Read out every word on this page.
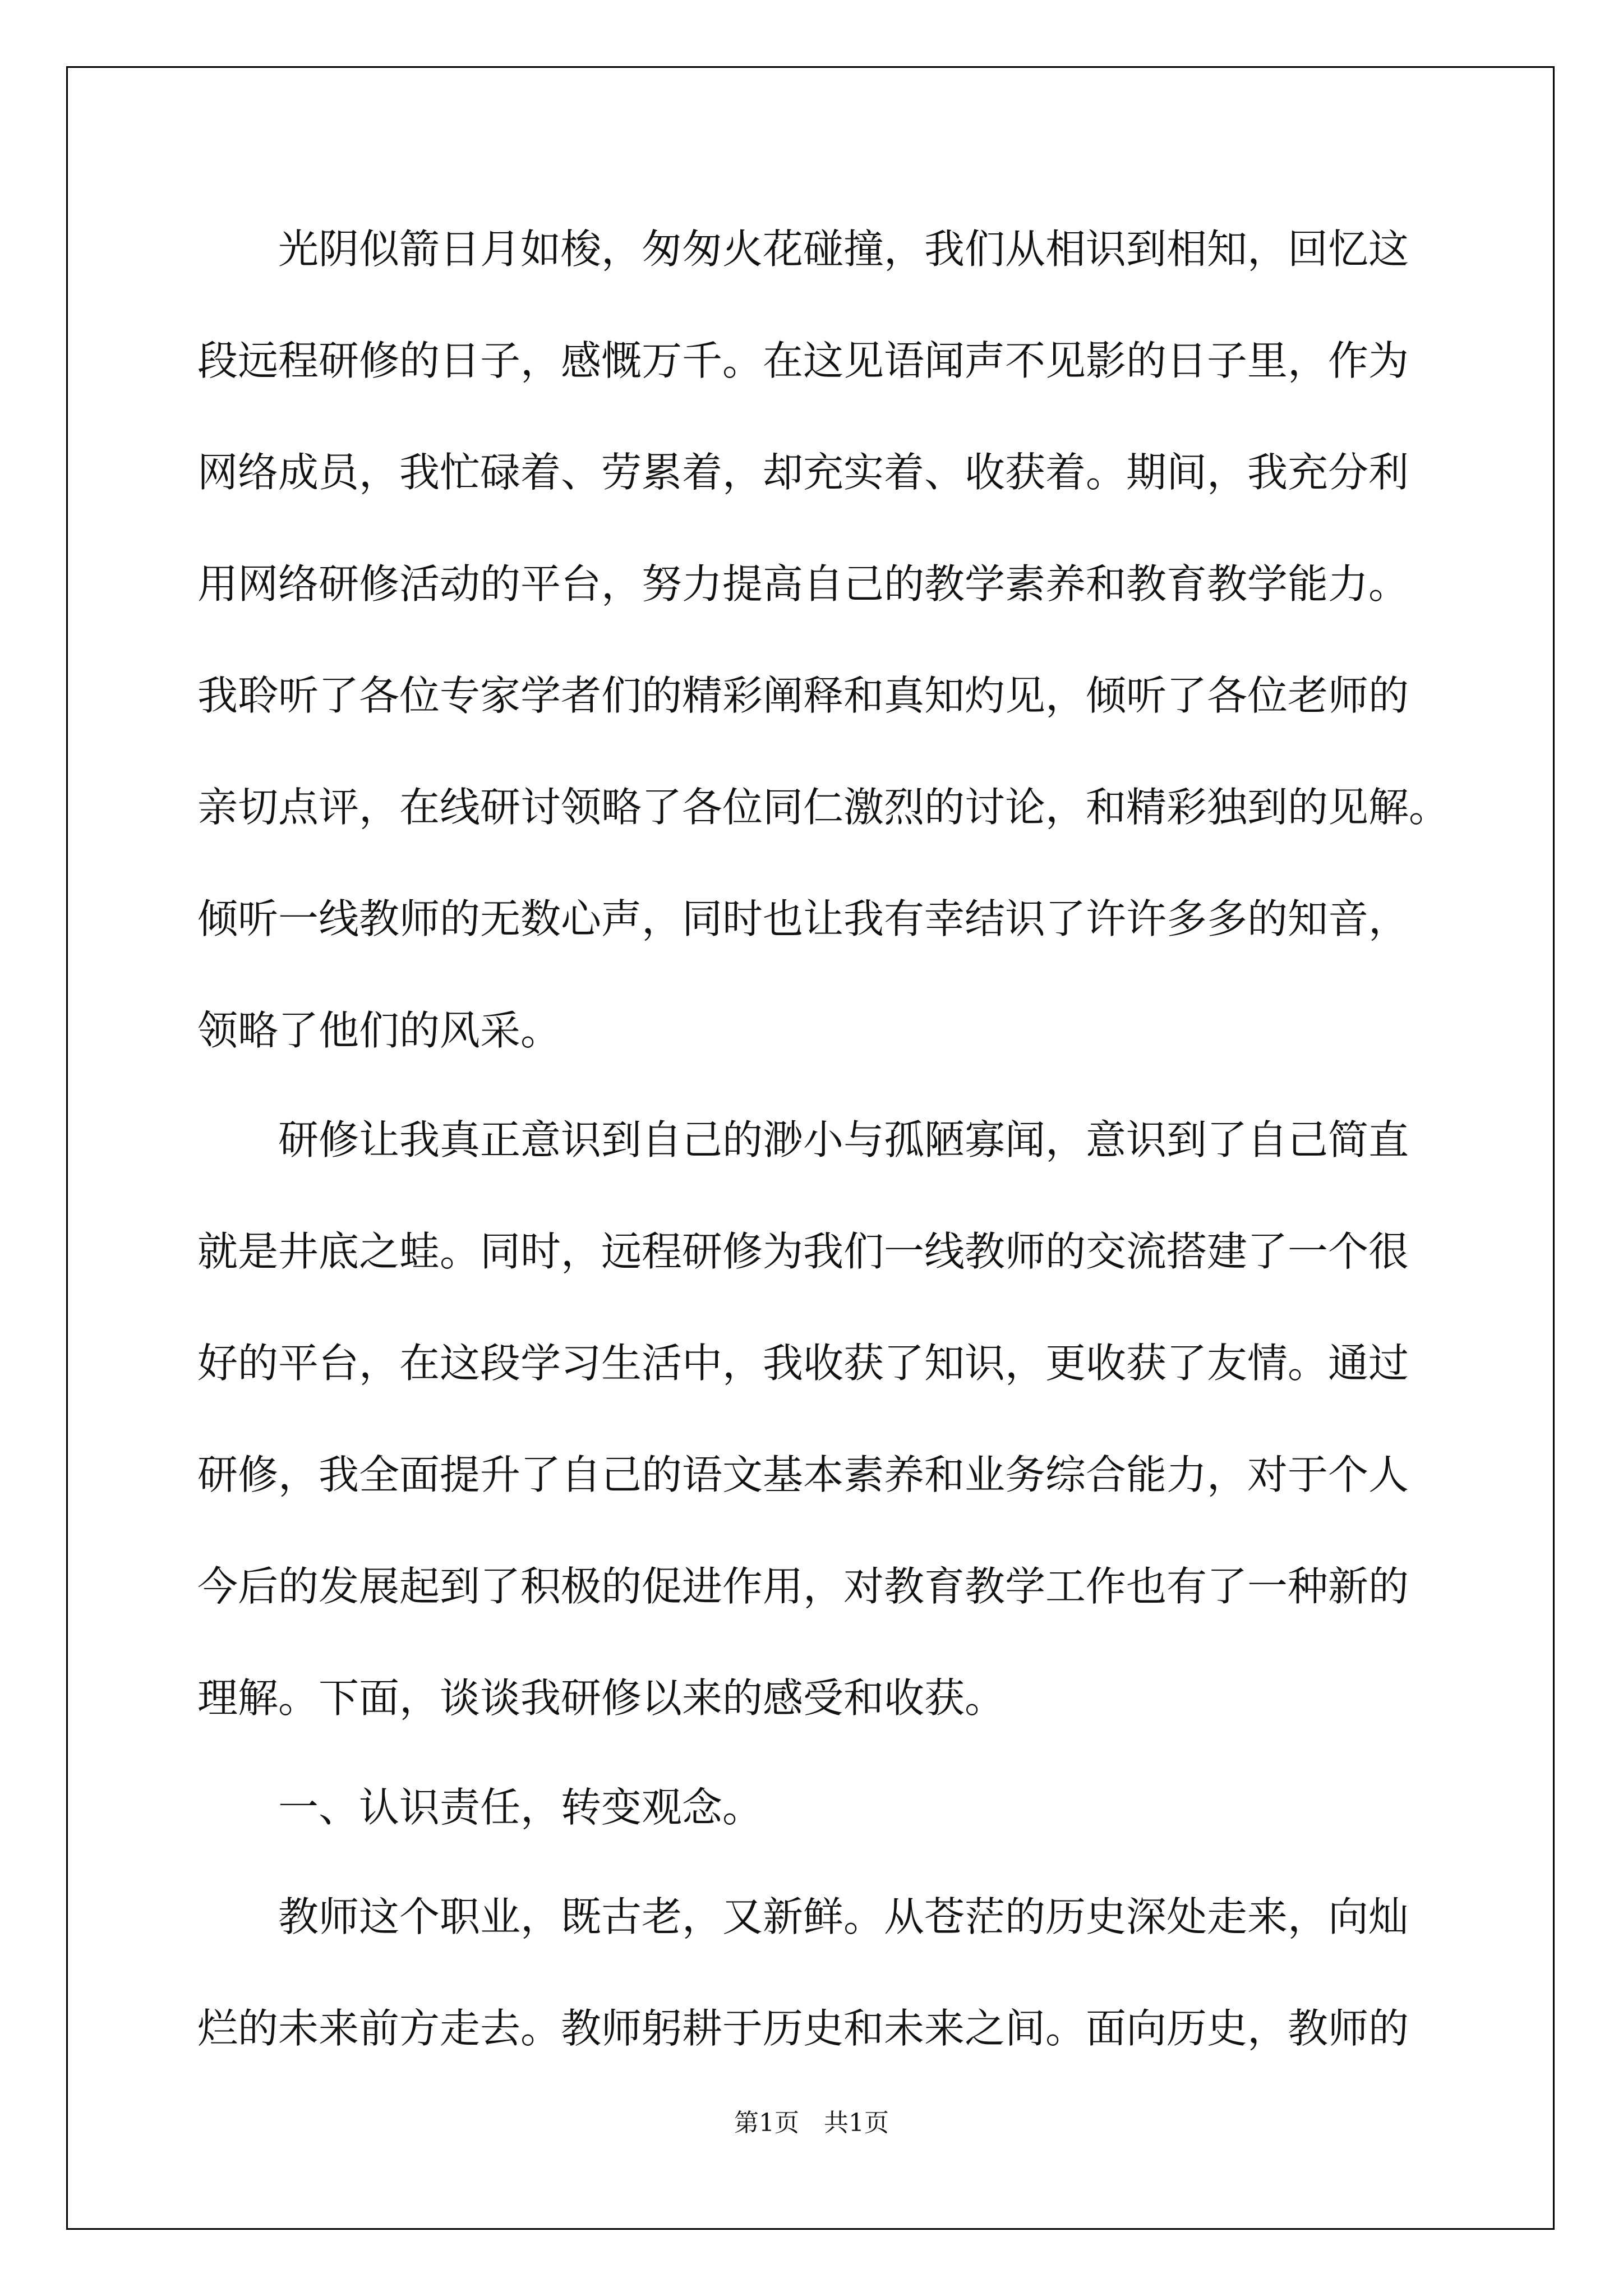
　　光阴似箭日月如梭，匆匆火花碰撞，我们从相识到相知，回忆这
段远程研修的日子，感慨万千。在这见语闻声不见影的日子里，作为
网络成员，我忙碌着、劳累着，却充实着、收获着。期间，我充分利
用网络研修活动的平台，努力提高自己的教学素养和教育教学能力。
我聆听了各位专家学者们的精彩阐释和真知灼见，倾听了各位老师的
亲切点评，在线研讨领略了各位同仁激烈的讨论，和精彩独到的见解。
倾听一线教师的无数心声，同时也让我有幸结识了许许多多的知音，
领略了他们的风采。
　　研修让我真正意识到自己的渺小与孤陋寡闻，意识到了自己简直
就是井底之蛙。同时，远程研修为我们一线教师的交流搭建了一个很
好的平台，在这段学习生活中，我收获了知识，更收获了友情。通过
研修，我全面提升了自己的语文基本素养和业务综合能力，对于个人
今后的发展起到了积极的促进作用，对教育教学工作也有了一种新的
理解。下面，谈谈我研修以来的感受和收获。
　　一、认识责任，转变观念。
　　教师这个职业，既古老，又新鲜。从苍茫的历史深处走来，向灿
烂的未来前方走去。教师躬耕于历史和未来之间。面向历史，教师的
第1页　共1页
